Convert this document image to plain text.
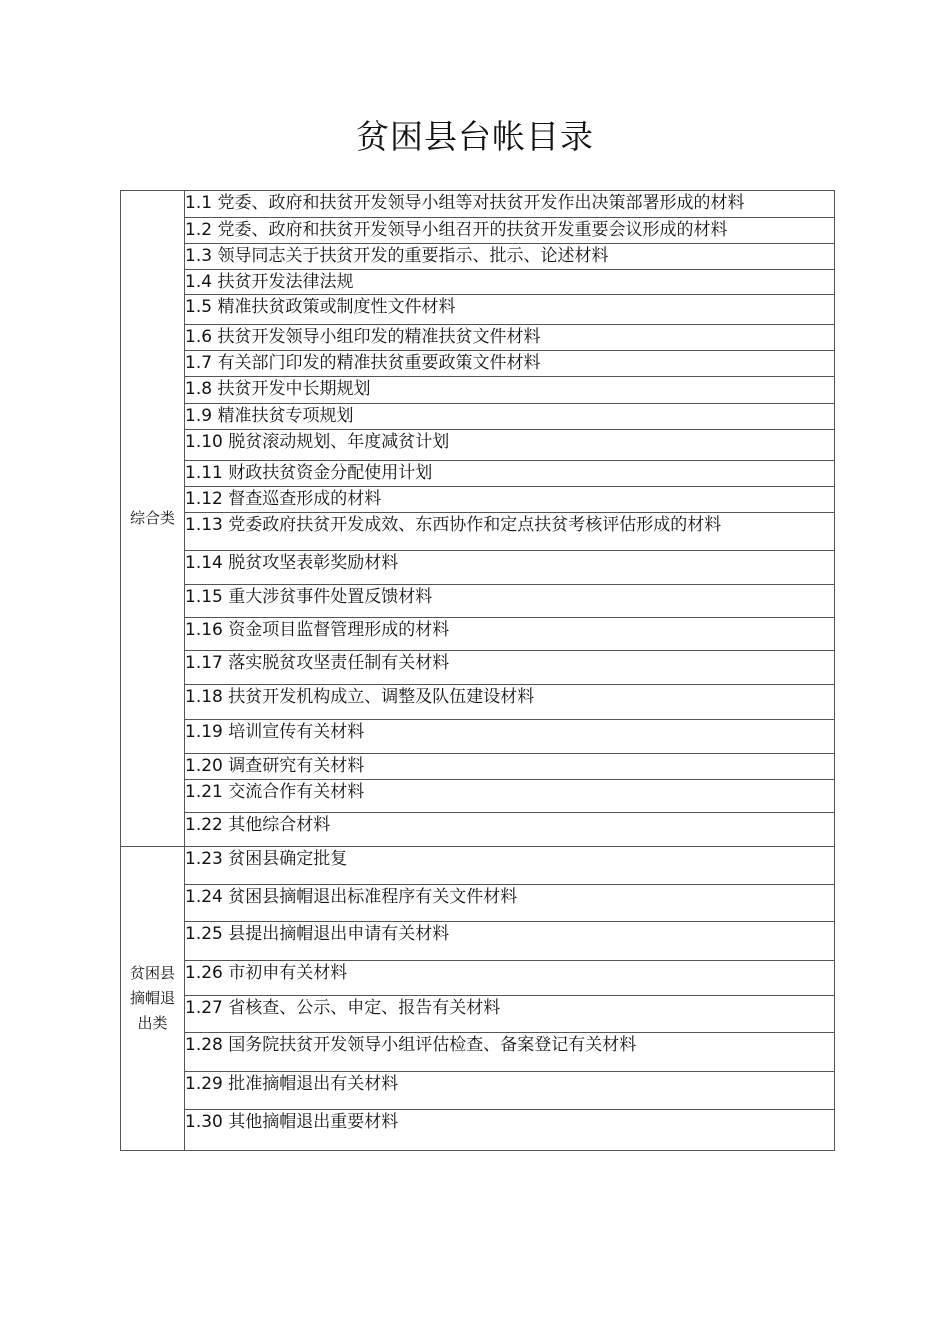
贫困县台帐目录
综合类	1.1 党委、政府和扶贫开发领导小组等对扶贫开发作出决策部署形成的材料

	1.2 党委、政府和扶贫开发领导小组召开的扶贫开发重要会议形成的材料

	1.3 领导同志关于扶贫开发的重要指示、批示、论述材料

	1.4 扶贫开发法律法规

	1.5 精准扶贫政策或制度性文件材料

	1.6 扶贫开发领导小组印发的精准扶贫文件材料

	1.7 有关部门印发的精准扶贫重要政策文件材料

	1.8 扶贫开发中长期规划

	1.9 精准扶贫专项规划

	1.10 脱贫滚动规划、年度减贫计划

	1.11 财政扶贫资金分配使用计划

	1.12 督查巡查形成的材料

	1.13 党委政府扶贫开发成效、东西协作和定点扶贫考核评估形成的材料

	1.14 脱贫攻坚表彰奖励材料

	1.15 重大涉贫事件处置反馈材料

	1.16 资金项目监督管理形成的材料

	1.17 落实脱贫攻坚责任制有关材料

	1.18 扶贫开发机构成立、调整及队伍建设材料

	1.19 培训宣传有关材料

	1.20 调查研究有关材料

	1.21 交流合作有关材料

	1.22 其他综合材料

贫困县摘帽退出类	1.23 贫困县确定批复

	1.24 贫困县摘帽退出标准程序有关文件材料

	1.25 县提出摘帽退出申请有关材料

	1.26 市初申有关材料

	1.27 省核查、公示、申定、报告有关材料

	1.28 国务院扶贫开发领导小组评估检查、备案登记有关材料

	1.29 批准摘帽退出有关材料

	1.30 其他摘帽退出重要材料
